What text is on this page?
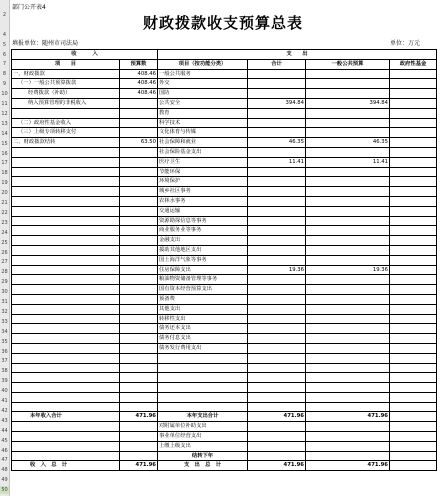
2
4
5
6
7
8
9
10
11
12
13
14
15
16
17
18
19
20
21
22
23
24
25
26
27
28
29
30
31
32
33
34
35
36
37
38
39
40
41
42
43
44
45
46
47
48
49
50
部门公开表4
财政拨款收支预算总表
填报单位：随州市司法局	单位：万元
收　　　入		支　　出			
项　　目	预算数	项目（按功能分类）	合计	一般公共预算	政府性基金
一、财政拨款	408.46	一般公共服务			
（一）一般公共预算拨款	408.46	外交			
经费拨款（补助）	408.46	国防			
纳入预算管理的非税收入		公共安全	394.84	394.84	
		教育			
（二）政府性基金收入		科学技术			
（三）上级专项转移支付		文化体育与传媒			
二、财政拨款结转	63.50	社会保障和就业	46.35	46.35	
		社会保险基金支出			
		医疗卫生	11.41	11.41	
		节能环保			
		环境保护			
		城乡社区事务			
		农林水事务			
		交通运输			
		资源勘探信息等事务			
		商业服务业等事务			
		金融支出			
		援助其他地区支出			
		国土海洋气象等事务			
		住房保障支出	19.36	19.36	
		粮油物资储备管理等事务			
		国有资本经营预算支出			
		预备费			
		其他支出			
		转移性支出			
		债务还本支出			
		债务付息支出			
		债务发行费用支出			

本年收入合计	471.96	本年支出合计	471.96	471.96	
		对附属单位补助支出			
		事业单位经营支出			
		上缴上级支出			
		结转下年			
收　入　总　计	471.96	支　出　总　计	471.96	471.96	
